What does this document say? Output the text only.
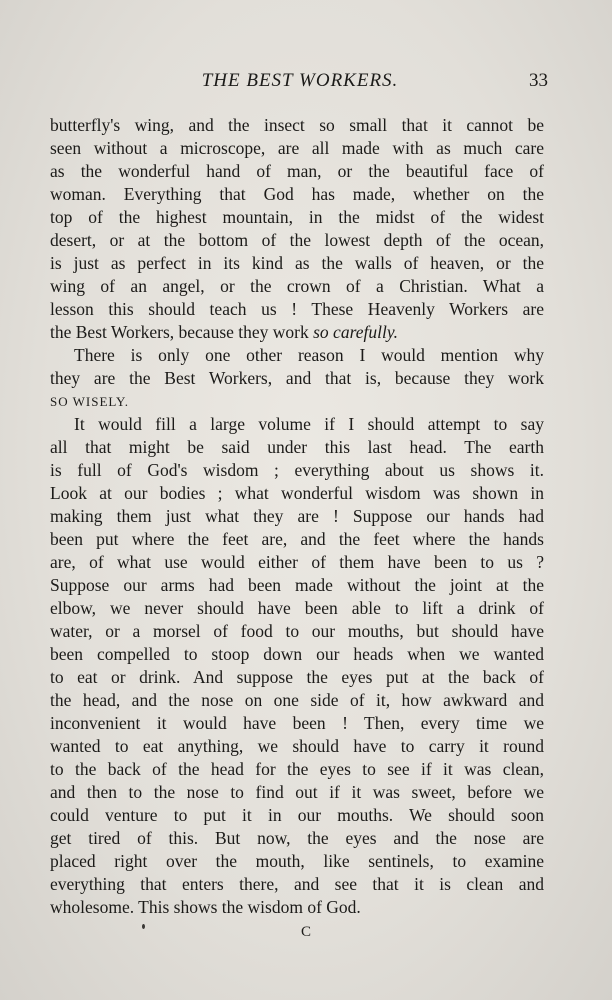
THE BEST WORKERS.	33

butterfly's wing, and the insect so small that it cannot be

seen without a microscope, are all made with as much care

as the wonderful hand of man, or the beautiful face of

woman. Everything that God has made, whether on the

top of the highest mountain, in the midst of the widest

desert, or at the bottom of the lowest depth of the ocean,

is just as perfect in its kind as the walls of heaven, or the

wing of an angel, or the crown of a Christian. What a

lesson this should teach us ! These Heavenly Workers are

the Best Workers, because they work so carefully.

There is only one other reason I would mention why

they are the Best Workers, and that is, because they work

SO WISELY.

It would fill a large volume if I should attempt to say

all that might be said under this last head. The earth

is full of God's wisdom ; everything about us shows it.

Look at our bodies ; what wonderful wisdom was shown in

making them just what they are ! Suppose our hands had

been put where the feet are, and the feet where the hands

are, of what use would either of them have been to us ?

Suppose our arms had been made without the joint at the

elbow, we never should have been able to lift a drink of

water, or a morsel of food to our mouths, but should have

been compelled to stoop down our heads when we wanted

to eat or drink. And suppose the eyes put at the back of

the head, and the nose on one side of it, how awkward and

inconvenient it would have been ! Then, every time we

wanted to eat anything, we should have to carry it round

to the back of the head for the eyes to see if it was clean,

and then to the nose to find out if it was sweet, before we

could venture to put it in our mouths. We should soon

get tired of this. But now, the eyes and the nose are

placed right over the mouth, like sentinels, to examine

everything that enters there, and see that it is clean and

wholesome. This shows the wisdom of God.

C
